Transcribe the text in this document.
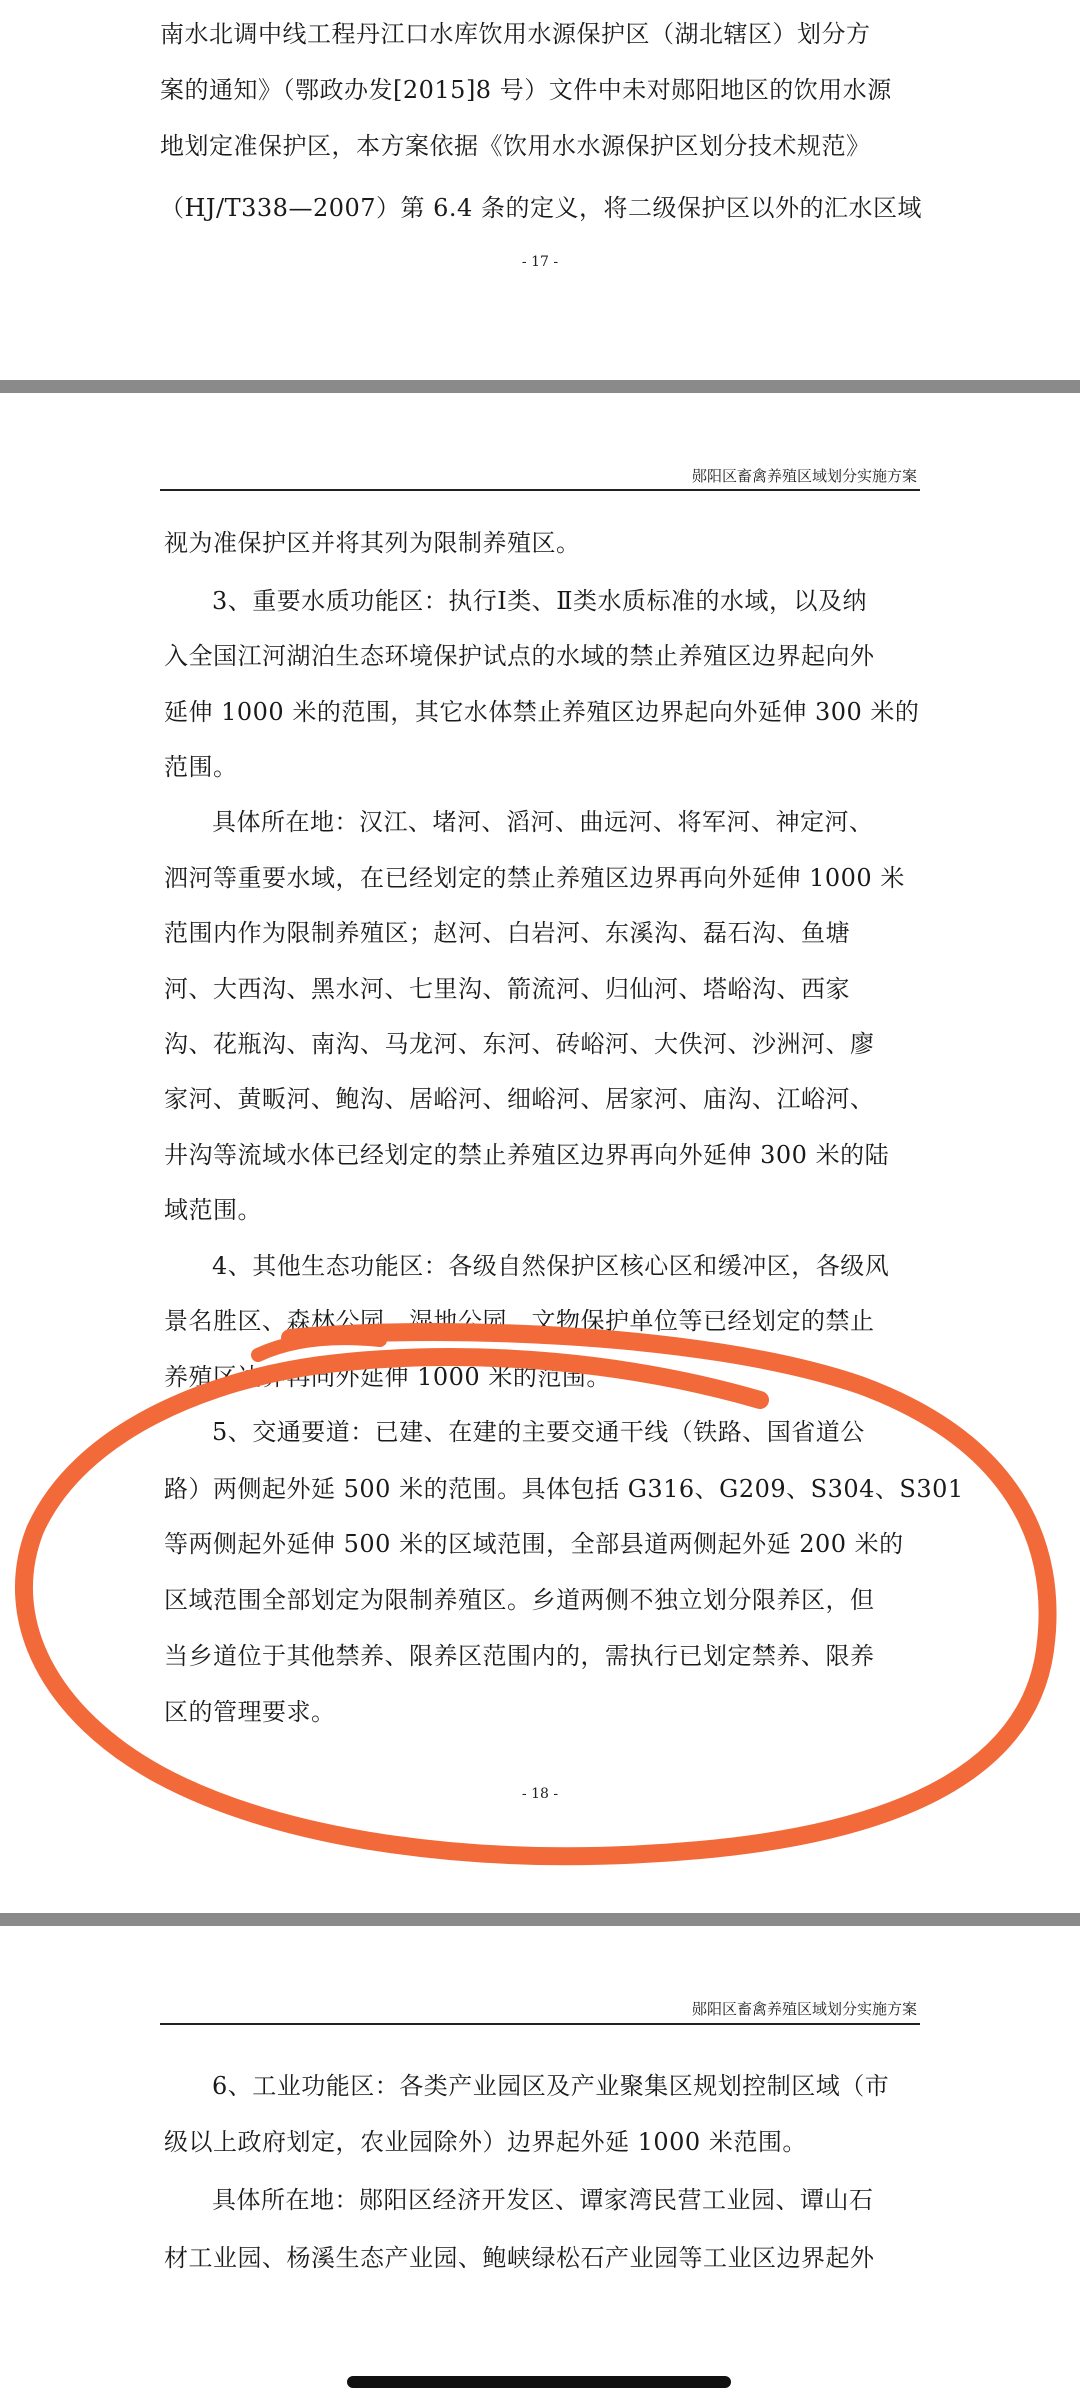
南水北调中线工程丹江口水库饮用水源保护区（湖北辖区）划分方
案的通知》（鄂政办发[2015]8 号）文件中未对郧阳地区的饮用水源
地划定准保护区，本方案依据《饮用水水源保护区划分技术规范》
（HJ/T338—2007）第 6.4 条的定义，将二级保护区以外的汇水区域
- 17 -
郧阳区畜禽养殖区域划分实施方案
视为准保护区并将其列为限制养殖区。
3、重要水质功能区：执行Ⅰ类、Ⅱ类水质标准的水域，以及纳
入全国江河湖泊生态环境保护试点的水域的禁止养殖区边界起向外
延伸 1000 米的范围，其它水体禁止养殖区边界起向外延伸 300 米的
范围。
具体所在地：汉江、堵河、滔河、曲远河、将军河、神定河、
泗河等重要水域，在已经划定的禁止养殖区边界再向外延伸 1000 米
范围内作为限制养殖区；赵河、白岩河、东溪沟、磊石沟、鱼塘
河、大西沟、黑水河、七里沟、箭流河、归仙河、塔峪沟、西家
沟、花瓶沟、南沟、马龙河、东河、砖峪河、大佚河、沙洲河、廖
家河、黄畈河、鲍沟、居峪河、细峪河、居家河、庙沟、江峪河、
井沟等流域水体已经划定的禁止养殖区边界再向外延伸 300 米的陆
域范围。
4、其他生态功能区：各级自然保护区核心区和缓冲区，各级风
景名胜区、森林公园、湿地公园、文物保护单位等已经划定的禁止
养殖区边界再向外延伸 1000 米的范围。
5、交通要道：已建、在建的主要交通干线（铁路、国省道公
路）两侧起外延 500 米的范围。具体包括 G316、G209、S304、S301
等两侧起外延伸 500 米的区域范围，全部县道两侧起外延 200 米的
区域范围全部划定为限制养殖区。乡道两侧不独立划分限养区，但
当乡道位于其他禁养、限养区范围内的，需执行已划定禁养、限养
区的管理要求。
- 18 -
郧阳区畜禽养殖区域划分实施方案
6、工业功能区：各类产业园区及产业聚集区规划控制区域（市
级以上政府划定，农业园除外）边界起外延 1000 米范围。
具体所在地：郧阳区经济开发区、谭家湾民营工业园、谭山石
材工业园、杨溪生态产业园、鲍峡绿松石产业园等工业区边界起外
